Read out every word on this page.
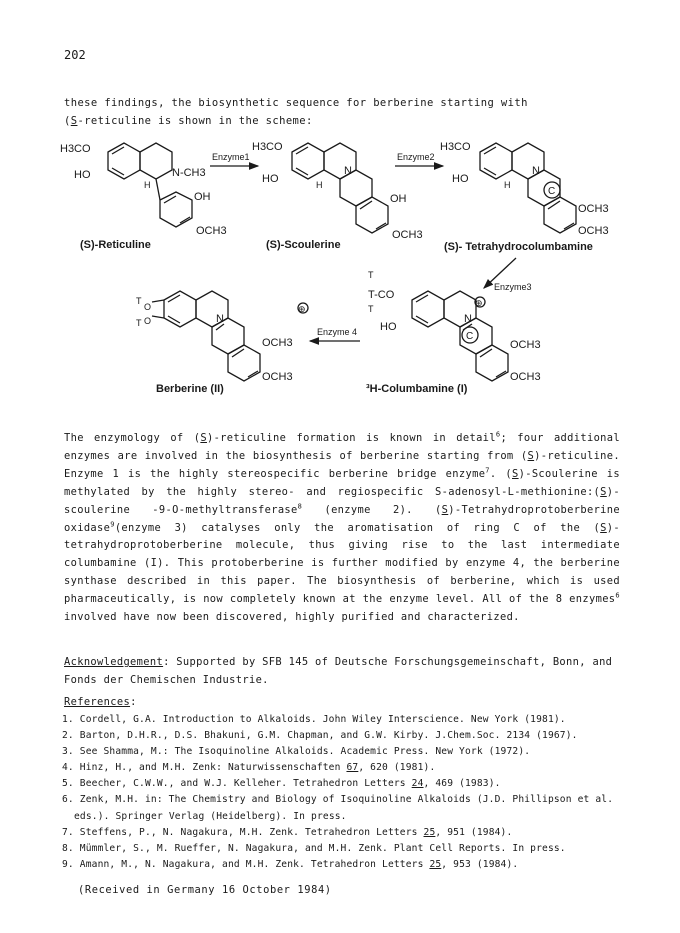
202
these findings, the biosynthetic sequence for berberine starting with
(S-reticuline is shown in the scheme:
H3CO
HO	N-CH3
H
OH
OCH3
(S)-Reticuline
H3CO
HO
N
H
OH
OCH3
(S)-Scoulerine
H3CO
HO
N
H
C
OCH3
OCH3
(S)- Tetrahydrocolumbamine
Enzyme1	Enzyme2
Enzyme3
Enzyme 4
T
T-CO
T
HO
N
⊕
C
OCH3
OCH3
³H-Columbamine (I)
T
O
O
T	N
⊕
OCH3
OCH3
Berberine (II)
The enzymology of (S)-reticuline formation is known in detail$^6$; four additional enzymes are involved in the biosynthesis of berberine starting from (S)-reticuline. Enzyme 1 is the highly stereospecific berberine bridge enzyme$^7$. (S)-Scoulerine is methylated by the highly stereo- and regiospecific S-adenosyl-L-methionine:(S)-scoulerine -9-O-methyltransferase$^8$ (enzyme 2). (S)-Tetrahydroprotoberberine oxidase$^9$(enzyme 3) catalyses only the aromatisation of ring C of the (S)-tetrahydroprotoberberine molecule, thus giving rise to the last intermediate columbamine (I). This protoberberine is further modified by enzyme 4, the berberine synthase described in this paper. The biosynthesis of berberine, which is used pharmaceutically, is now completely known at the enzyme level. All of the 8 enzymes$^6$ involved have now been discovered, highly purified and characterized.
Acknowledgement: Supported by SFB 145 of Deutsche Forschungsgemeinschaft, Bonn, and Fonds der Chemischen Industrie.
References:
1. Cordell, G.A. Introduction to Alkaloids. John Wiley Interscience. New York (1981).
2. Barton, D.H.R., D.S. Bhakuni, G.M. Chapman, and G.W. Kirby. J.Chem.Soc. 2134 (1967).
3. See Shamma, M.: The Isoquinoline Alkaloids. Academic Press. New York (1972).
4. Hinz, H., and M.H. Zenk: Naturwissenschaften 67, 620 (1981).
5. Beecher, C.W.W., and W.J. Kelleher. Tetrahedron Letters 24, 469 (1983).
6. Zenk, M.H. in: The Chemistry and Biology of Isoquinoline Alkaloids (J.D. Phillipson et al. eds.). Springer Verlag (Heidelberg). In press.
7. Steffens, P., N. Nagakura, M.H. Zenk. Tetrahedron Letters 25, 951 (1984).
8. Mümmler, S., M. Rueffer, N. Nagakura, and M.H. Zenk. Plant Cell Reports. In press.
9. Amann, M., N. Nagakura, and M.H. Zenk. Tetrahedron Letters 25, 953 (1984).
(Received in Germany 16 October 1984)
